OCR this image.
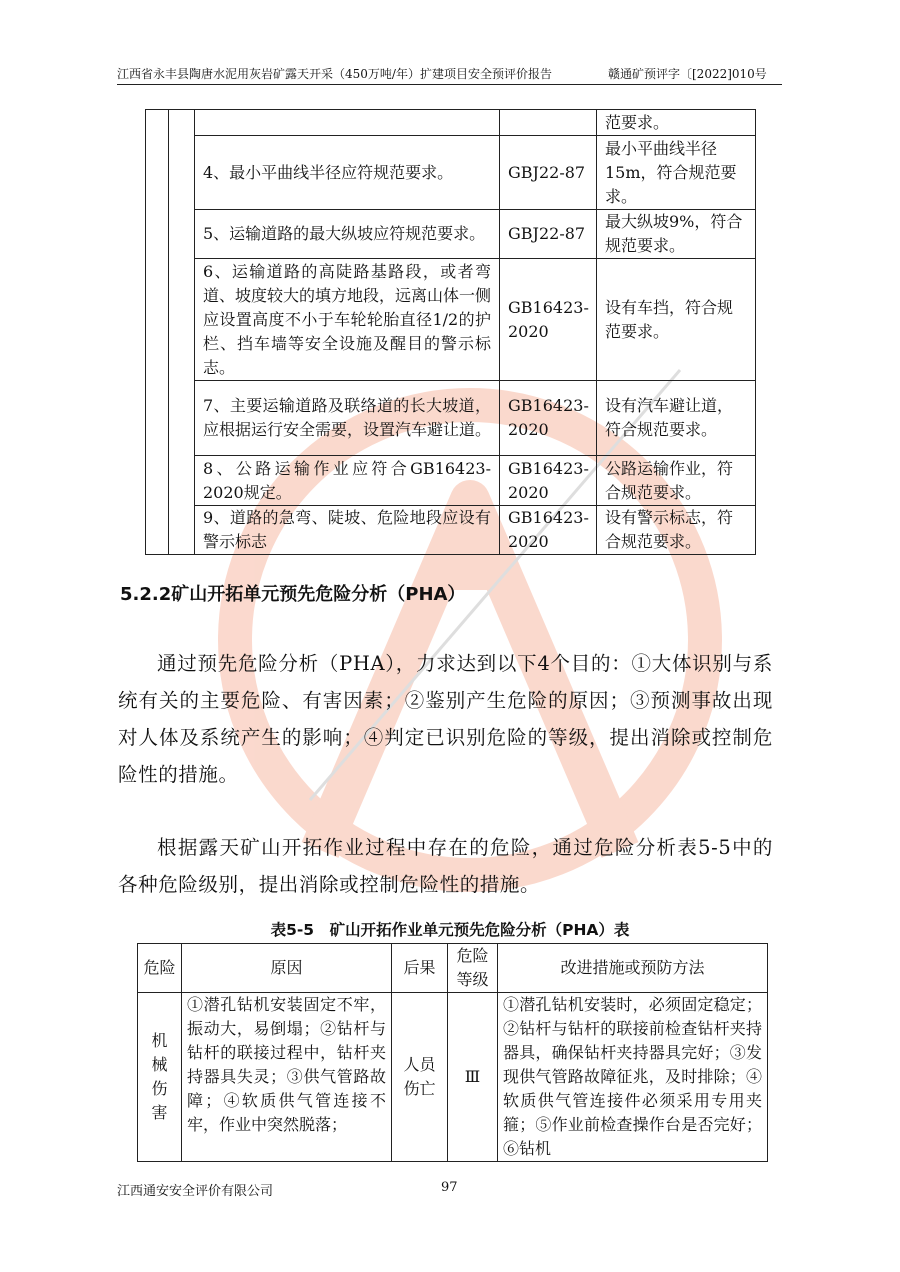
江西省永丰县陶唐水泥用灰岩矿露天开采（450万吨/年）扩建项目安全预评价报告	赣通矿预评字〔[2022]010号
				范要求。
		4、最小平曲线半径应符规范要求。	GBJ22-87	最小平曲线半径15m，符合规范要求。
		5、运输道路的最大纵坡应符规范要求。	GBJ22-87	最大纵坡9%，符合规范要求。
		6、运输道路的高陡路基路段，或者弯道、坡度较大的填方地段，远离山体一侧应设置高度不小于车轮轮胎直径1/2的护栏、挡车墙等安全设施及醒目的警示标志。	GB16423-2020	设有车挡，符合规范要求。
		7、主要运输道路及联络道的长大坡道，应根据运行安全需要，设置汽车避让道。	GB16423-2020	设有汽车避让道，符合规范要求。
		8、公路运输作业应符合GB16423-2020规定。	GB16423-2020	公路运输作业，符合规范要求。
		9、道路的急弯、陡坡、危险地段应设有警示标志	GB16423-2020	设有警示标志，符合规范要求。
5.2.2矿山开拓单元预先危险分析（PHA）
通过预先危险分析（PHA），力求达到以下4个目的：①大体识别与系统有关的主要危险、有害因素；②鉴别产生危险的原因；③预测事故出现对人体及系统产生的影响；④判定已识别危险的等级，提出消除或控制危险性的措施。
根据露天矿山开拓作业过程中存在的危险，通过危险分析表5-5中的各种危险级别，提出消除或控制危险性的措施。
表5-5　矿山开拓作业单元预先危险分析（PHA）表
危险	原因	后果	危险等级	改进措施或预防方法
机械伤害	①潜孔钻机安装固定不牢，振动大，易倒塌；②钻杆与钻杆的联接过程中，钻杆夹持器具失灵；③供气管路故障；④软质供气管连接不牢，作业中突然脱落；	人员伤亡	Ⅲ	①潜孔钻机安装时，必须固定稳定；②钻杆与钻杆的联接前检查钻杆夹持器具，确保钻杆夹持器具完好；③发现供气管路故障征兆，及时排除；④软质供气管连接件必须采用专用夹箍；⑤作业前检查操作台是否完好；⑥钻机
江西通安安全评价有限公司	97
